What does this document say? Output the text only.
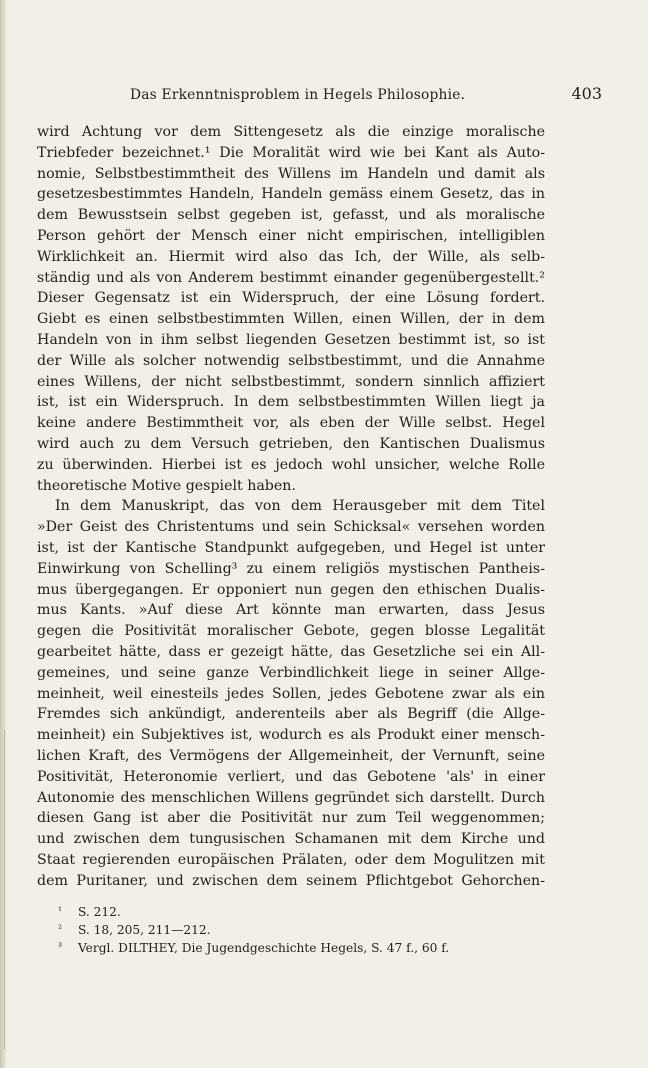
Das Erkenntnisproblem in Hegels Philosophie.	403
wird Achtung vor dem Sittengesetz als die einzige moralische
Triebfeder bezeichnet.¹ Die Moralität wird wie bei Kant als Auto-
nomie, Selbstbestimmtheit des Willens im Handeln und damit als
gesetzesbestimmtes Handeln, Handeln gemäss einem Gesetz, das in
dem Bewusstsein selbst gegeben ist, gefasst, und als moralische
Person gehört der Mensch einer nicht empirischen, intelligiblen
Wirklichkeit an. Hiermit wird also das Ich, der Wille, als selb-
ständig und als von Anderem bestimmt einander gegenübergestellt.²
Dieser Gegensatz ist ein Widerspruch, der eine Lösung fordert.
Giebt es einen selbstbestimmten Willen, einen Willen, der in dem
Handeln von in ihm selbst liegenden Gesetzen bestimmt ist, so ist
der Wille als solcher notwendig selbstbestimmt, und die Annahme
eines Willens, der nicht selbstbestimmt, sondern sinnlich affiziert
ist, ist ein Widerspruch. In dem selbstbestimmten Willen liegt ja
keine andere Bestimmtheit vor, als eben der Wille selbst. Hegel
wird auch zu dem Versuch getrieben, den Kantischen Dualismus
zu überwinden. Hierbei ist es jedoch wohl unsicher, welche Rolle
theoretische Motive gespielt haben.
In dem Manuskript, das von dem Herausgeber mit dem Titel
»Der Geist des Christentums und sein Schicksal« versehen worden
ist, ist der Kantische Standpunkt aufgegeben, und Hegel ist unter
Einwirkung von Schelling³ zu einem religiös mystischen Pantheis-
mus übergegangen. Er opponiert nun gegen den ethischen Dualis-
mus Kants. »Auf diese Art könnte man erwarten, dass Jesus
gegen die Positivität moralischer Gebote, gegen blosse Legalität
gearbeitet hätte, dass er gezeigt hätte, das Gesetzliche sei ein All-
gemeines, und seine ganze Verbindlichkeit liege in seiner Allge-
meinheit, weil einesteils jedes Sollen, jedes Gebotene zwar als ein
Fremdes sich ankündigt, anderenteils aber als Begriff (die Allge-
meinheit) ein Subjektives ist, wodurch es als Produkt einer mensch-
lichen Kraft, des Vermögens der Allgemeinheit, der Vernunft, seine
Positivität, Heteronomie verliert, und das Gebotene 'als' in einer
Autonomie des menschlichen Willens gegründet sich darstellt. Durch
diesen Gang ist aber die Positivität nur zum Teil weggenommen;
und zwischen dem tungusischen Schamanen mit dem Kirche und
Staat regierenden europäischen Prälaten, oder dem Mogulitzen mit
dem Puritaner, und zwischen dem seinem Pflichtgebot Gehorchen-
¹ S. 212.
² S. 18, 205, 211—212.
³ Vergl. DILTHEY, Die Jugendgeschichte Hegels, S. 47 f., 60 f.
